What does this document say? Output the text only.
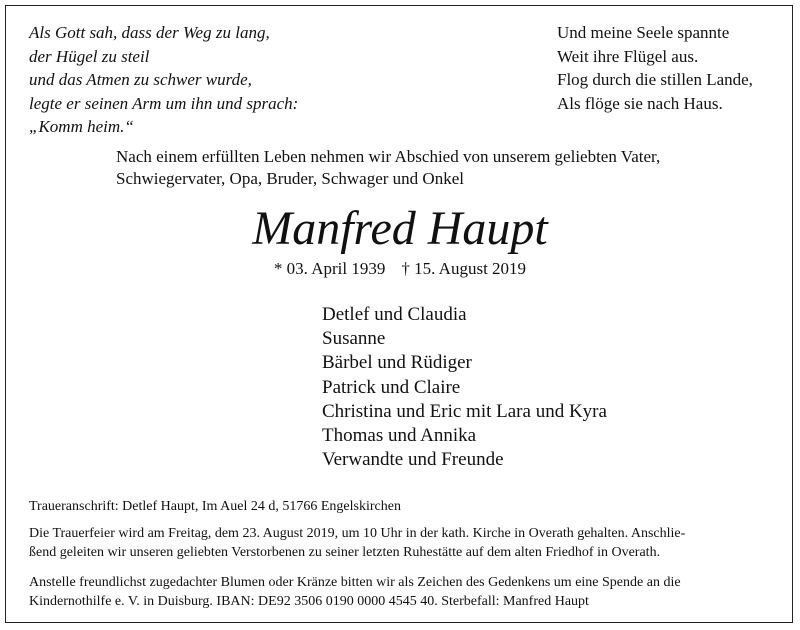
Als Gott sah, dass der Weg zu lang,
der Hügel zu steil
und das Atmen zu schwer wurde,
legte er seinen Arm um ihn und sprach:
„Komm heim.“
Und meine Seele spannte
Weit ihre Flügel aus.
Flog durch die stillen Lande,
Als flöge sie nach Haus.
Nach einem erfüllten Leben nehmen wir Abschied von unserem geliebten Vater,
Schwiegervater, Opa, Bruder, Schwager und Onkel
Manfred Haupt
* 03. April 1939 † 15. August 2019
Detlef und Claudia
Susanne
Bärbel und Rüdiger
Patrick und Claire
Christina und Eric mit Lara und Kyra
Thomas und Annika
Verwandte und Freunde
Traueranschrift: Detlef Haupt, Im Auel 24 d, 51766 Engelskirchen
Die Trauerfeier wird am Freitag, dem 23. August 2019, um 10 Uhr in der kath. Kirche in Overath gehalten. Anschlie-
ßend geleiten wir unseren geliebten Verstorbenen zu seiner letzten Ruhestätte auf dem alten Friedhof in Overath.
Anstelle freundlichst zugedachter Blumen oder Kränze bitten wir als Zeichen des Gedenkens um eine Spende an die
Kindernothilfe e. V. in Duisburg. IBAN: DE92 3506 0190 0000 4545 40. Sterbefall: Manfred Haupt
